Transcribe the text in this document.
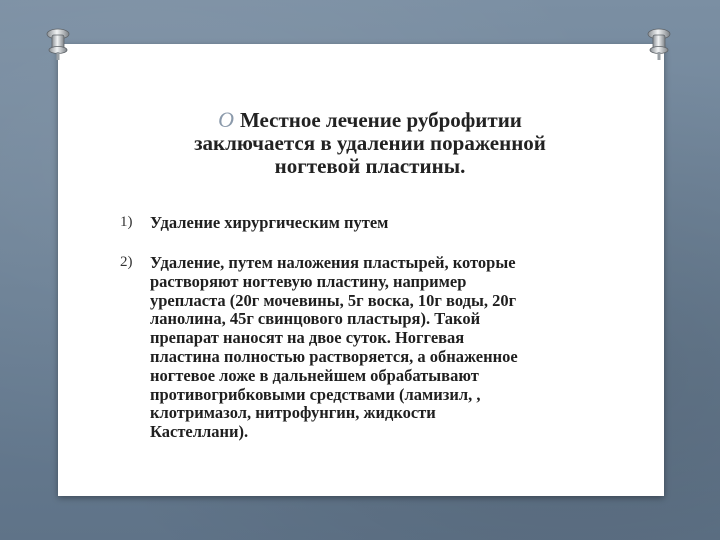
O Местное лечение руброфитии
заключается в удалении пораженной
ногтевой пластины.
1) Удаление хирургическим путем
2) Удаление, путем наложения пластырей, которые
растворяют ногтевую пластину, например
урепласта (20г мочевины, 5г воска, 10г воды, 20г
ланолина, 45г свинцового пластыря). Такой
препарат наносят на двое суток. Ноггевая
пластина полностью растворяется, а обнаженное
ногтевое ложе в дальнейшем обрабатывают
противогрибковыми средствами (ламизил, ,
клотримазол, нитрофунгин, жидкости
Кастеллани).
